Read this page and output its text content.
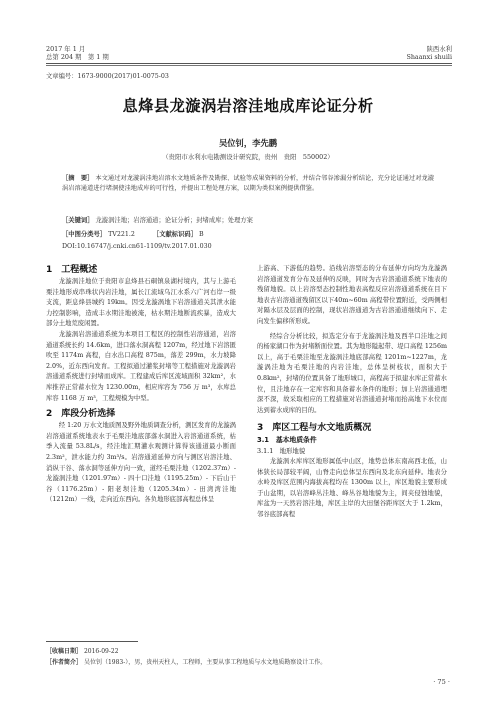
2017 年 1 月
总第 204 期　第 1 期
陕西水利
Shaanxi shuili
文章编号：1673-9000(2017)01-0075-03
息烽县龙漩涡岩溶洼地成库论证分析
吴位钊，李先鹏
（贵阳市水利水电勘测设计研究院，贵州　贵阳　550002）
［摘　要］ 本文通过对龙漩涡洼地岩溶水文地质条件及勘探、试验等成果资料的分析，并结合邻谷渗漏分析结论，充分论证通过对龙漩涡岩溶通道进行堵洞使洼地成库的可行性，并提出工程处理方案，以期为类似案例提供借鉴。
［关键词］ 龙漩涡洼地；岩溶通道；论证分析；封堵成库；处理方案
［中图分类号］ TV221.2	［文献标识码］ B
DOI:10.16747/j.cnki.cn61-1109/tv.2017.01.030
1　工程概述

龙漩涡洼地位于贵阳市息烽县石硐镇泉湖村境内，其与上游毛栗洼地形成串珠状内岩洼地，属长江流域乌江水系六广河右岸一级支流，距息烽县城约 19km。因受龙漩涡地下岩溶通道关其泄水能力控制影响，造成丰水期洼地被淹，枯水期洼地断流疾暴，造成大部分土地荒废闲置。

龙漩涡岩溶通道系统为本项目工程区的控制性岩溶通道，岩溶通道系统长约 14.6km，进口落水洞高程 1207m，经过地下岩溶匿吹至 1174m 高程，白水出口高程 875m，落差 299m，水力坡降 2.0%，近东西向发育。工程拟通过灌浆封堵等工程措施对龙漩涡岩溶通道系统进行封堵而成库。工程建成后库区流域面积 32km²，水库推荐正常蓄水位为 1230.00m，相应库容为 756 万 m³，水库总库容 1168 万 m³，工程规模为中型。

2　库段分析选择

经 1:20 万水文地质图及野外地质调查分析，测区发育的龙漩涡岩溶通道系统地表水于毛栗洼地底部落水洞进入岩溶通道系统，枯季入流量 53.8L/s，经洼地汇期灌水观测计算得该通道最小断面 2.3m²，泄水能力约 3m³/s。岩溶通道延伸方向与测区岩溶洼地、消纵干谷、落水洞等延伸方向一致，道经毛栗洼地（1202.37m）- 龙漩涡洼地（1201.97m）- 四十口洼地（1195.25m）- 下后山干谷（1176.25m）- 阳老坝洼地（1205.34m）- 田湾湾洼地（1212m）一线，走向近东西向。各负地形底部高程总体呈

上游高、下游低的趋势。沿线岩溶型态的分布延伸方向均为龙漩涡岩溶通道发育分布及延伸的反映，同时为古岩溶通道系统下地表的残留地貌。以上岩溶型态控制性地表高程反应岩溶通道系统在目下地表古岩溶通道残留区以下40m~60m 高程带位置附近，受两侧相对隔水层及层面的控制，现状岩溶通道为古岩溶通道继续向下、走向发生偏移所形成。

经综合分析比较，拟选定分布于龙漩涡洼地及西半口洼地之间的杨家湖口作为封堵断面位置。其为地形隘起带、堤口高程 1256m 以上，高于毛栗洼地至龙漩涡洼地底部高程 1201m~1227m，龙漩涡洼地为毛栗洼地的内岩洼地，总体呈树枝状，面积大于 0.8km²，封堵的位置具备了地形城口，高程高于拟建水库正常蓄水位，且洼地存在一定库容和具备蓄水条件的地形；加上岩溶通道埋深不深，故采取相应的工程措施对岩溶通道封堵而抬高地下水位而达到蓄水成库的目的。

3　库区工程与水文地质概况
3.1　基本地质条件
3.1.1　地形地貌

龙漩涡水库库区地形属低中山区，地势总体东南高西北低，山体狭长局部较平阔，山脊走向总体呈东西向及北东向延伸。地表分水岭及库区范围内海拔高程均在 1300m 以上，库区地貌主要形成于山盆期，以岩溶峰丛洼地、峰丛谷地地貌为主，间夹侵蚀地貌，库盆为一天然岩溶洼地，库区主岸的大田堡谷距库区大于 1.2km，邻谷底部高程

［收稿日期］ 2016-09-22
［作者简介］ 吴位钊（1983-），男，贵州天柱人，工程师，主要从事工程地质与水文地质勘察设计工作。
· 75 ·
